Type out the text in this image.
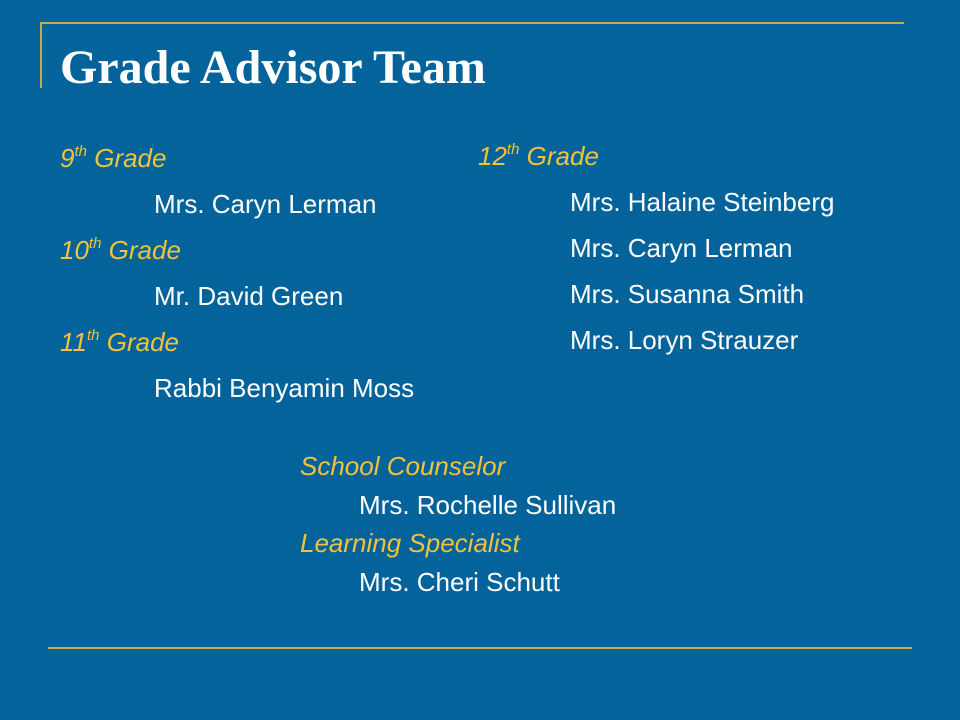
Grade Advisor Team
9th Grade
Mrs. Caryn Lerman
10th Grade
Mr. David Green
11th Grade
Rabbi Benyamin Moss
12th Grade
Mrs. Halaine Steinberg
Mrs. Caryn Lerman
Mrs. Susanna Smith
Mrs. Loryn Strauzer
School Counselor
Mrs. Rochelle Sullivan
Learning Specialist
Mrs. Cheri Schutt
